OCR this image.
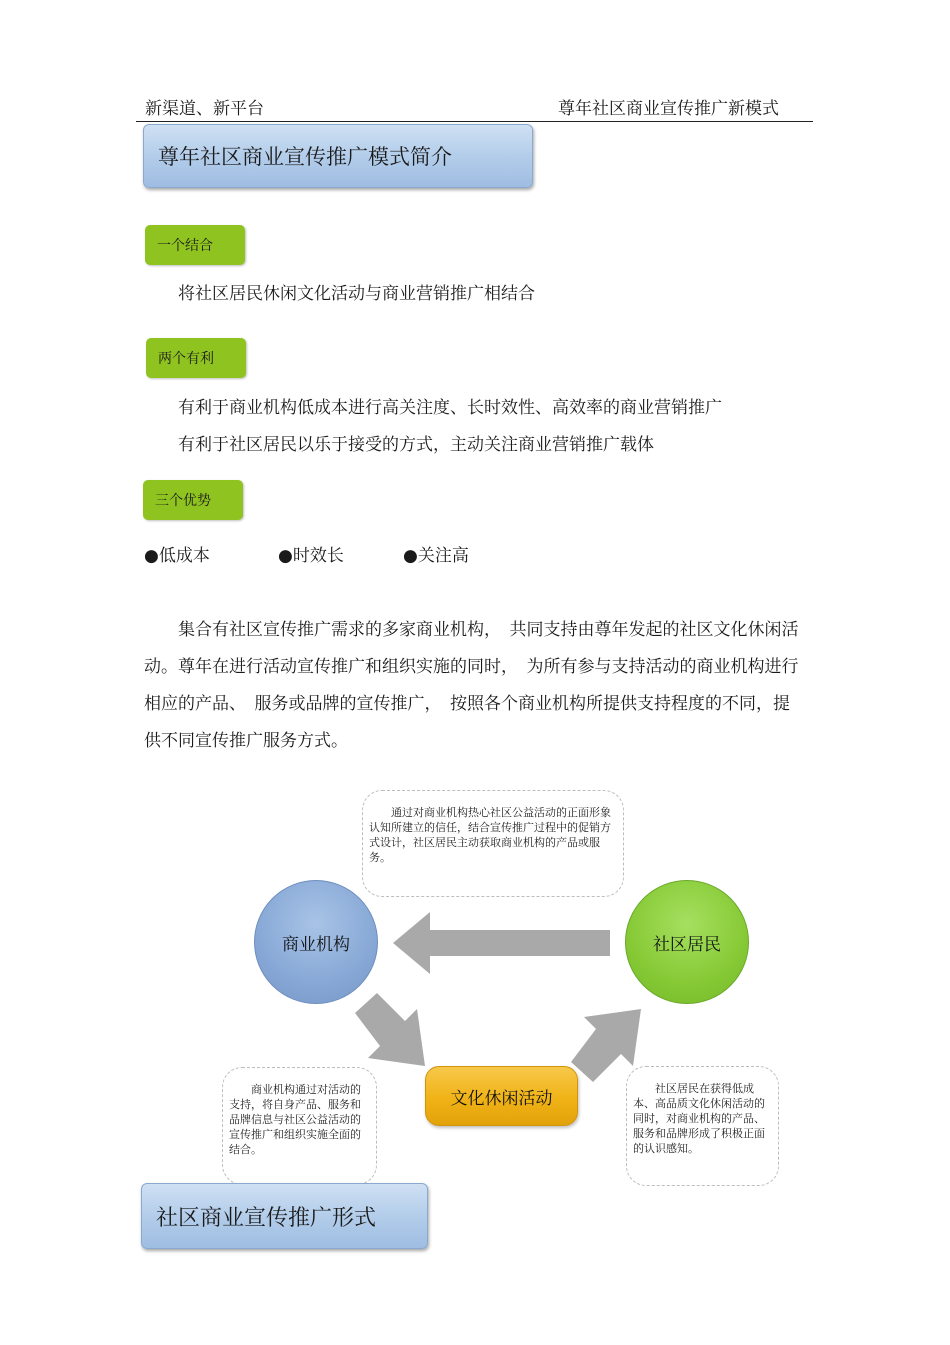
新渠道、新平台	尊年社区商业宣传推广新模式
尊年社区商业宣传推广模式简介
一个结合
将社区居民休闲文化活动与商业营销推广相结合
两个有利
有利于商业机构低成本进行高关注度、长时效性、高效率的商业营销推广
有利于社区居民以乐于接受的方式，主动关注商业营销推广载体
三个优势
●低成本	●时效长	●关注高
集合有社区宣传推广需求的多家商业机构，　共同支持由尊年发起的社区文化休闲活动。尊年在进行活动宣传推广和组织实施的同时，　为所有参与支持活动的商业机构进行相应的产品、　服务或品牌的宣传推广，　按照各个商业机构所提供支持程度的不同，提供不同宣传推广服务方式。
通过对商业机构热心社区公益活动的正面形象认知所建立的信任，结合宣传推广过程中的促销方式设计，社区居民主动获取商业机构的产品或服务。
商业机构	社区居民
文化休闲活动
商业机构通过对活动的支持，将自身产品、服务和品牌信息与社区公益活动的宣传推广和组织实施全面的结合。
社区居民在获得低成本、高品质文化休闲活动的同时，对商业机构的产品、服务和品牌形成了积极正面的认识感知。
社区商业宣传推广形式
